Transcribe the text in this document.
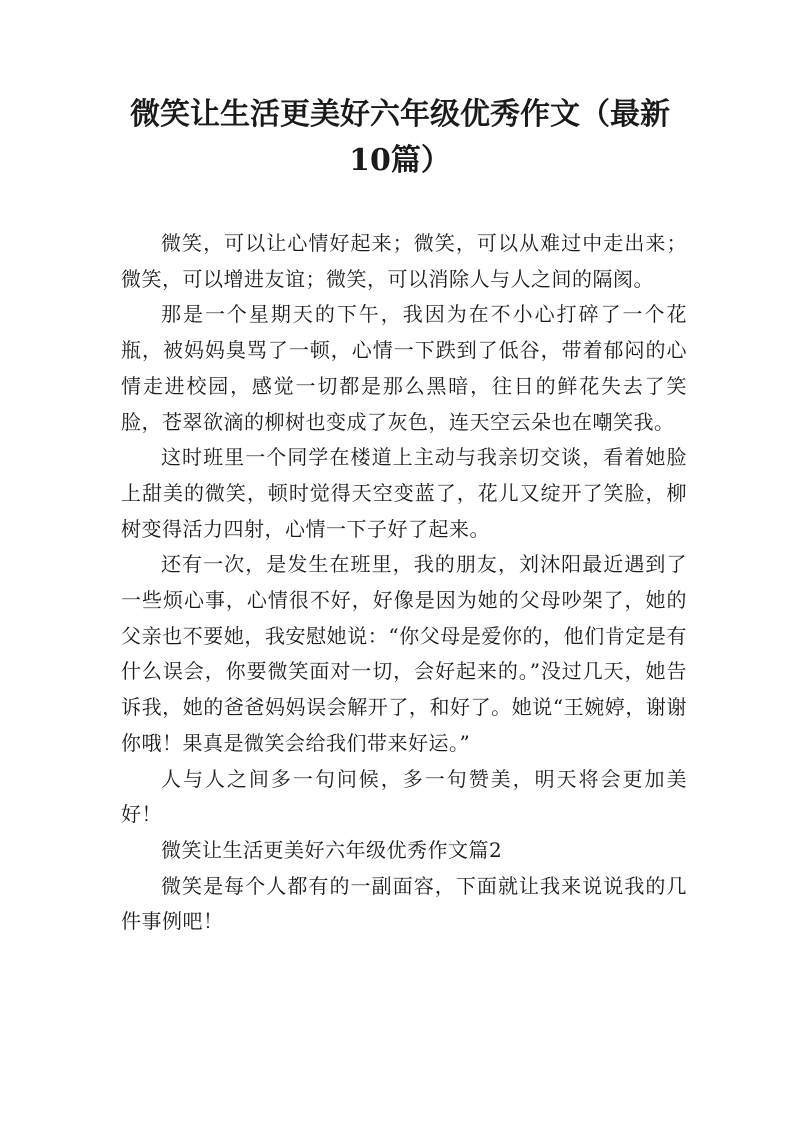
微笑让生活更美好六年级优秀作文（最新10篇）

微笑，可以让心情好起来；微笑，可以从难过中走出来；微笑，可以增进友谊；微笑，可以消除人与人之间的隔阂。

那是一个星期天的下午，我因为在不小心打碎了一个花瓶，被妈妈臭骂了一顿，心情一下跌到了低谷，带着郁闷的心情走进校园，感觉一切都是那么黑暗，往日的鲜花失去了笑脸，苍翠欲滴的柳树也变成了灰色，连天空云朵也在嘲笑我。

这时班里一个同学在楼道上主动与我亲切交谈，看着她脸上甜美的微笑，顿时觉得天空变蓝了，花儿又绽开了笑脸，柳树变得活力四射，心情一下子好了起来。

还有一次，是发生在班里，我的朋友，刘沐阳最近遇到了一些烦心事，心情很不好，好像是因为她的父母吵架了，她的父亲也不要她，我安慰她说：“你父母是爱你的，他们肯定是有什么误会，你要微笑面对一切，会好起来的。”没过几天，她告诉我，她的爸爸妈妈误会解开了，和好了。她说“王婉婷，谢谢你哦！果真是微笑会给我们带来好运。”

人与人之间多一句问候，多一句赞美，明天将会更加美好！

微笑让生活更美好六年级优秀作文篇2

微笑是每个人都有的一副面容，下面就让我来说说我的几件事例吧！
